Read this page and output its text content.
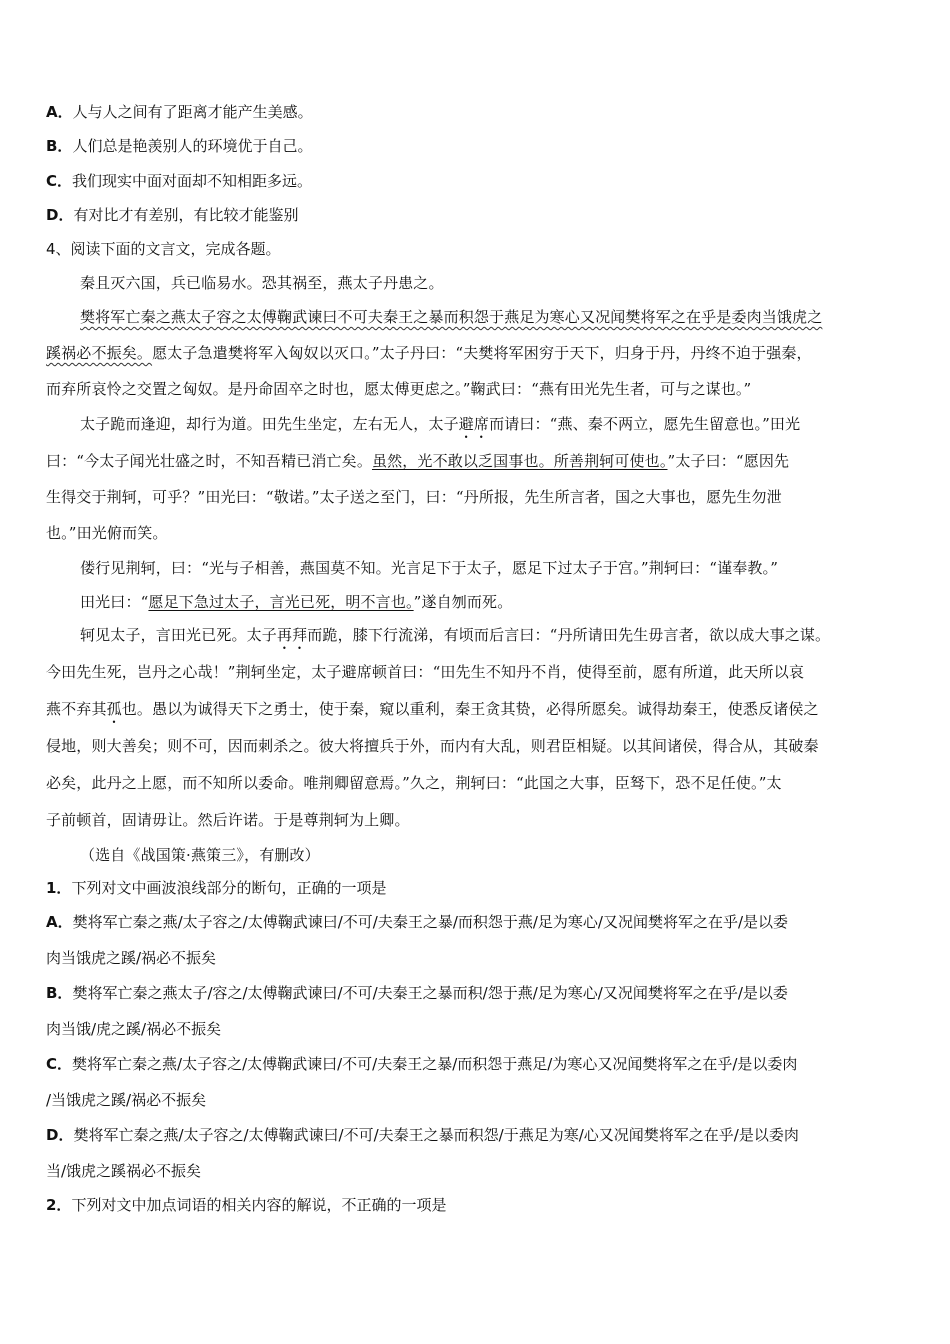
A．人与人之间有了距离才能产生美感。
B．人们总是艳羡别人的环境优于自己。
C．我们现实中面对面却不知相距多远。
D．有对比才有差别，有比较才能鉴别
4、阅读下面的文言文，完成各题。
秦且灭六国，兵已临易水。恐其祸至，燕太子丹患之。
樊将军亡秦之燕太子容之太傅鞠武谏曰不可夫秦王之暴而积怨于燕足为寒心又况闻樊将军之在乎是委肉当饿虎之
蹊祸必不振矣。愿太子急遣樊将军入匈奴以灭口。”太子丹曰：“夫樊将军困穷于天下，归身于丹，丹终不迫于强秦，
而弃所哀怜之交置之匈奴。是丹命固卒之时也，愿太傅更虑之。”鞠武曰：“燕有田光先生者，可与之谋也。”
太子跪而逢迎，却行为道。田先生坐定，左右无人，太子避席而请曰：“燕、秦不两立，愿先生留意也。”田光
曰：“今太子闻光壮盛之时，不知吾精已消亡矣。虽然，光不敢以乏国事也。所善荆轲可使也。”太子曰：“愿因先
生得交于荆轲，可乎？”田光曰：“敬诺。”太子送之至门，曰：“丹所报，先生所言者，国之大事也，愿先生勿泄
也。”田光俯而笑。
偻行见荆轲，曰：“光与子相善，燕国莫不知。光言足下于太子，愿足下过太子于宫。”荆轲曰：“谨奉教。”
田光曰：“愿足下急过太子，言光已死，明不言也。”遂自刎而死。
轲见太子，言田光已死。太子再拜而跪，膝下行流涕，有顷而后言曰：“丹所请田先生毋言者，欲以成大事之谋。
今田先生死，岂丹之心哉！”荆轲坐定，太子避席顿首曰：“田先生不知丹不肖，使得至前，愿有所道，此天所以哀
燕不弃其孤也。愚以为诚得天下之勇士，使于秦，窥以重利，秦王贪其贽，必得所愿矣。诚得劫秦王，使悉反诸侯之
侵地，则大善矣；则不可，因而刺杀之。彼大将擅兵于外，而内有大乱，则君臣相疑。以其间诸侯，得合从，其破秦
必矣，此丹之上愿，而不知所以委命。唯荆卿留意焉。”久之，荆轲曰：“此国之大事，臣驽下，恐不足任使。”太
子前顿首，固请毋让。然后许诺。于是尊荆轲为上卿。
（选自《战国策·燕策三》，有删改）
1．下列对文中画波浪线部分的断句，正确的一项是
A．樊将军亡秦之燕/太子容之/太傅鞠武谏曰/不可/夫秦王之暴/而积怨于燕/足为寒心/又况闻樊将军之在乎/是以委
肉当饿虎之蹊/祸必不振矣
B．樊将军亡秦之燕太子/容之/太傅鞠武谏曰/不可/夫秦王之暴而积/怨于燕/足为寒心/又况闻樊将军之在乎/是以委
肉当饿/虎之蹊/祸必不振矣
C．樊将军亡秦之燕/太子容之/太傅鞠武谏曰/不可/夫秦王之暴/而积怨于燕足/为寒心又况闻樊将军之在乎/是以委肉
/当饿虎之蹊/祸必不振矣
D．樊将军亡秦之燕/太子容之/太傅鞠武谏曰/不可/夫秦王之暴而积怨/于燕足为寒/心又况闻樊将军之在乎/是以委肉
当/饿虎之蹊祸必不振矣
2．下列对文中加点词语的相关内容的解说，不正确的一项是
